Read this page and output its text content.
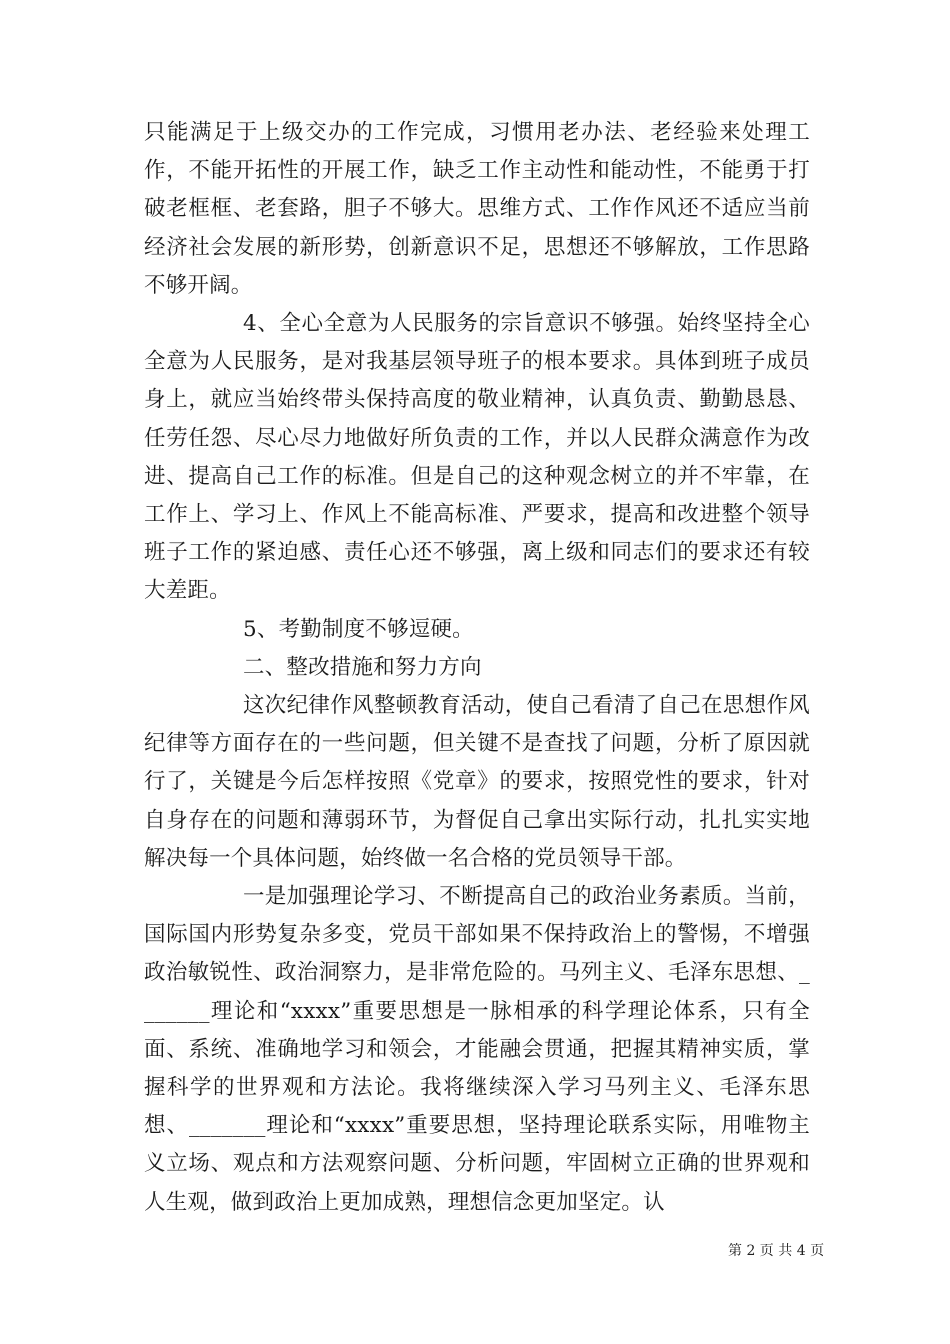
只能满足于上级交办的工作完成，习惯用老办法、老经验来处理工作，不能开拓性的开展工作，缺乏工作主动性和能动性，不能勇于打破老框框、老套路，胆子不够大。思维方式、工作作风还不适应当前经济社会发展的新形势，创新意识不足，思想还不够解放，工作思路不够开阔。

4、全心全意为人民服务的宗旨意识不够强。始终坚持全心全意为人民服务，是对我基层领导班子的根本要求。具体到班子成员身上，就应当始终带头保持高度的敬业精神，认真负责、勤勤恳恳、任劳任怨、尽心尽力地做好所负责的工作，并以人民群众满意作为改进、提高自己工作的标准。但是自己的这种观念树立的并不牢靠，在工作上、学习上、作风上不能高标准、严要求，提高和改进整个领导班子工作的紧迫感、责任心还不够强，离上级和同志们的要求还有较大差距。

5、考勤制度不够逗硬。

二、整改措施和努力方向

这次纪律作风整顿教育活动，使自己看清了自己在思想作风纪律等方面存在的一些问题，但关键不是查找了问题，分析了原因就行了，关键是今后怎样按照《党章》的要求，按照党性的要求，针对自身存在的问题和薄弱环节，为督促自己拿出实际行动，扎扎实实地解决每一个具体问题，始终做一名合格的党员领导干部。

一是加强理论学习、不断提高自己的政治业务素质。当前，国际国内形势复杂多变，党员干部如果不保持政治上的警惕，不增强政治敏锐性、政治洞察力，是非常危险的。马列主义、毛泽东思想、_______理论和“xxxx”重要思想是一脉相承的科学理论体系，只有全面、系统、准确地学习和领会，才能融会贯通，把握其精神实质，掌握科学的世界观和方法论。我将继续深入学习马列主义、毛泽东思想、_______理论和“xxxx”重要思想，坚持理论联系实际，用唯物主义立场、观点和方法观察问题、分析问题，牢固树立正确的世界观和人生观，做到政治上更加成熟，理想信念更加坚定。认

第 2 页 共 4 页
